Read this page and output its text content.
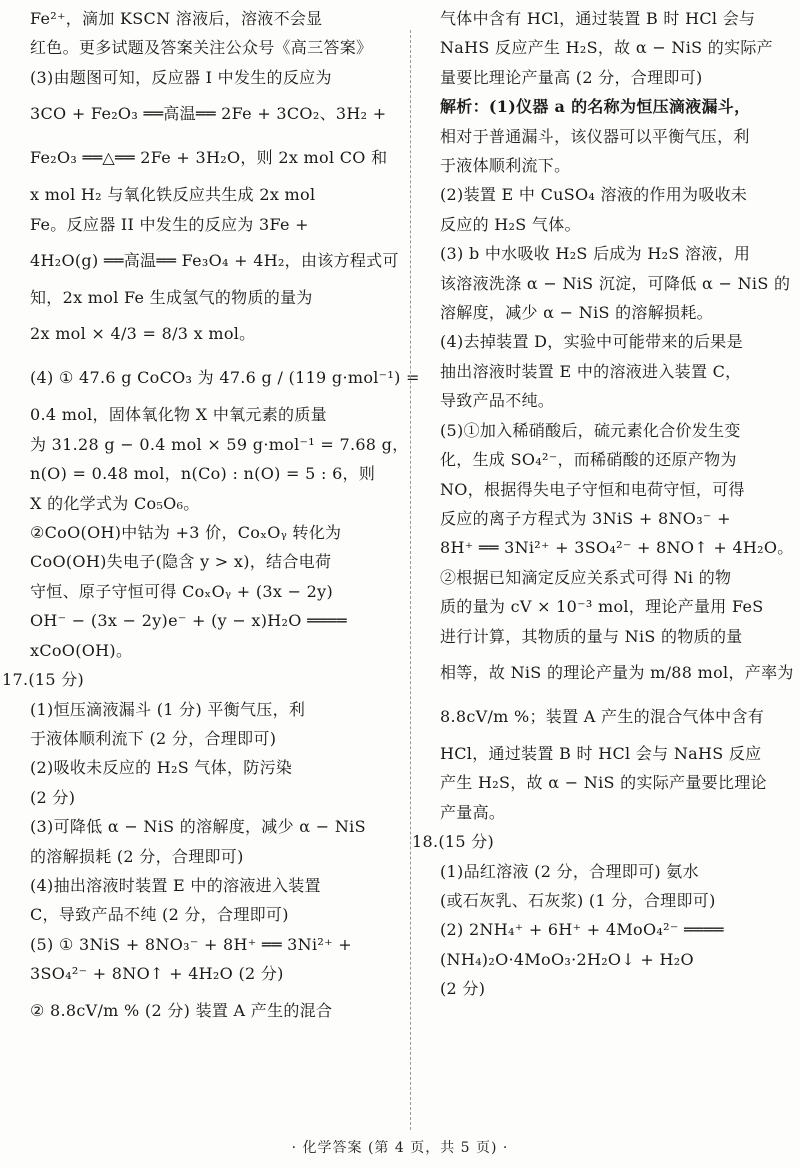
Fe²⁺，滴加 KSCN 溶液后，溶液不会显
红色。更多试题及答案关注公众号《高三答案》
(3)由题图可知，反应器 I 中发生的反应为
3CO + Fe₂O₃ ══高温══ 2Fe + 3CO₂、3H₂ +
Fe₂O₃ ══△══ 2Fe + 3H₂O，则 2x mol CO 和
x mol H₂ 与氧化铁反应共生成 2x mol
Fe。反应器 II 中发生的反应为 3Fe +
4H₂O(g) ══高温══ Fe₃O₄ + 4H₂，由该方程式可
知，2x mol Fe 生成氢气的物质的量为
2x mol × 4/3 = 8/3 x mol。
(4) ① 47.6 g CoCO₃ 为 47.6 g / (119 g·mol⁻¹) =
0.4 mol，固体氧化物 X 中氧元素的质量
为 31.28 g − 0.4 mol × 59 g·mol⁻¹ = 7.68 g，
n(O) = 0.48 mol，n(Co) : n(O) = 5 : 6，则
X 的化学式为 Co₅O₆。
②CoO(OH)中钴为 +3 价，CoₓOᵧ 转化为
CoO(OH)失电子(隐含 y > x)，结合电荷
守恒、原子守恒可得 CoₓOᵧ + (3x − 2y)
OH⁻ − (3x − 2y)e⁻ + (y − x)H₂O ════
xCoO(OH)。
17.(15 分)
(1)恒压滴液漏斗 (1 分) 平衡气压，利
于液体顺利流下 (2 分，合理即可)
(2)吸收未反应的 H₂S 气体，防污染
(2 分)
(3)可降低 α − NiS 的溶解度，减少 α − NiS
的溶解损耗 (2 分，合理即可)
(4)抽出溶液时装置 E 中的溶液进入装置
C，导致产品不纯 (2 分，合理即可)
(5) ① 3NiS + 8NO₃⁻ + 8H⁺ ══ 3Ni²⁺ +
3SO₄²⁻ + 8NO↑ + 4H₂O (2 分)
② 8.8cV/m % (2 分) 装置 A 产生的混合
气体中含有 HCl，通过装置 B 时 HCl 会与
NaHS 反应产生 H₂S，故 α − NiS 的实际产
量要比理论产量高 (2 分，合理即可)
解析：(1)仪器 a 的名称为恒压滴液漏斗，
相对于普通漏斗，该仪器可以平衡气压，利
于液体顺利流下。
(2)装置 E 中 CuSO₄ 溶液的作用为吸收未
反应的 H₂S 气体。
(3) b 中水吸收 H₂S 后成为 H₂S 溶液，用
该溶液洗涤 α − NiS 沉淀，可降低 α − NiS 的
溶解度，减少 α − NiS 的溶解损耗。
(4)去掉装置 D，实验中可能带来的后果是
抽出溶液时装置 E 中的溶液进入装置 C，
导致产品不纯。
(5)①加入稀硝酸后，硫元素化合价发生变
化，生成 SO₄²⁻，而稀硝酸的还原产物为
NO，根据得失电子守恒和电荷守恒，可得
反应的离子方程式为 3NiS + 8NO₃⁻ +
8H⁺ ══ 3Ni²⁺ + 3SO₄²⁻ + 8NO↑ + 4H₂O。
②根据已知滴定反应关系式可得 Ni 的物
质的量为 cV × 10⁻³ mol，理论产量用 FeS
进行计算，其物质的量与 NiS 的物质的量
相等，故 NiS 的理论产量为 m/88 mol，产率为
8.8cV/m %；装置 A 产生的混合气体中含有
HCl，通过装置 B 时 HCl 会与 NaHS 反应
产生 H₂S，故 α − NiS 的实际产量要比理论
产量高。
18.(15 分)
(1)品红溶液 (2 分，合理即可) 氨水
(或石灰乳、石灰浆) (1 分，合理即可)
(2) 2NH₄⁺ + 6H⁺ + 4MoO₄²⁻ ════
(NH₄)₂O·4MoO₃·2H₂O↓ + H₂O
(2 分)
· 化学答案 (第 4 页，共 5 页) ·
